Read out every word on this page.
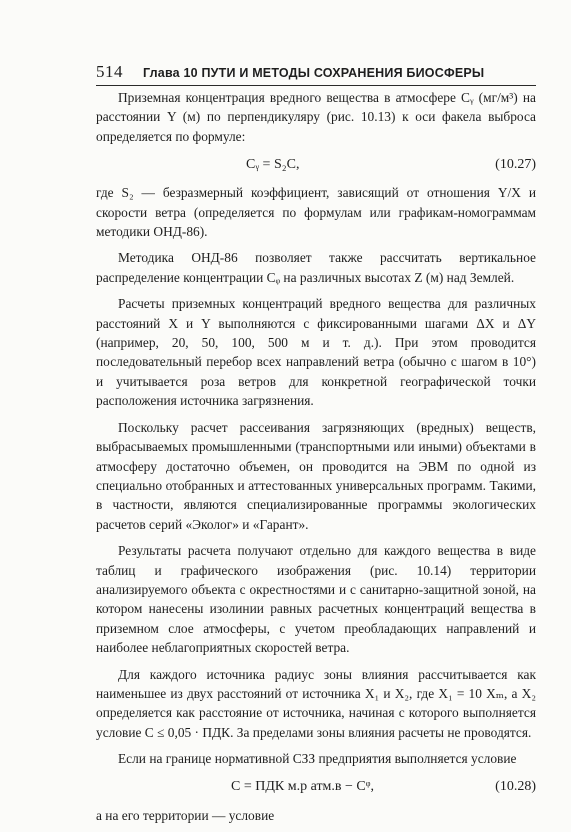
514 Глава 10 ПУТИ И МЕТОДЫ СОХРАНЕНИЯ БИОСФЕРЫ

Приземная концентрация вредного вещества в атмосфере Cᵧ (мг/м³) на расстоянии Y (м) по перпендикуляру (рис. 10.13) к оси факела выброса определяется по формуле:

Cᵧ = S₂C,	(10.27)

где S₂ — безразмерный коэффициент, зависящий от отношения Y/X и скорости ветра (определяется по формулам или графикам-номограммам методики ОНД-86).

Методика ОНД-86 позволяет также рассчитать вертикальное распределение концентрации Cᵩ на различных высотах Z (м) над Землей.

Расчеты приземных концентраций вредного вещества для различных расстояний X и Y выполняются с фиксированными шагами ΔX и ΔY (например, 20, 50, 100, 500 м и т. д.). При этом проводится последовательный перебор всех направлений ветра (обычно с шагом в 10°) и учитывается роза ветров для конкретной географической точки расположения источника загрязнения.

Поскольку расчет рассеивания загрязняющих (вредных) веществ, выбрасываемых промышленными (транспортными или иными) объектами в атмосферу достаточно объемен, он проводится на ЭВМ по одной из специально отобранных и аттестованных универсальных программ. Такими, в частности, являются специализированные программы экологических расчетов серий «Эколог» и «Гарант».

Результаты расчета получают отдельно для каждого вещества в виде таблиц и графического изображения (рис. 10.14) территории анализируемого объекта с окрестностями и с санитарно-защитной зоной, на котором нанесены изолинии равных расчетных концентраций вещества в приземном слое атмосферы, с учетом преобладающих направлений и наиболее неблагоприятных скоростей ветра.

Для каждого источника радиус зоны влияния рассчитывается как наименьшее из двух расстояний от источника X₁ и X₂, где X₁ = 10 Xₘ, а X₂ определяется как расстояние от источника, начиная с которого выполняется условие C ≤ 0,05 · ПДК. За пределами зоны влияния расчеты не проводятся.

Если на границе нормативной СЗЗ предприятия выполняется условие

C = ПДК м.р атм.в − Cᵠ,	(10.28)

а на его территории — условие
